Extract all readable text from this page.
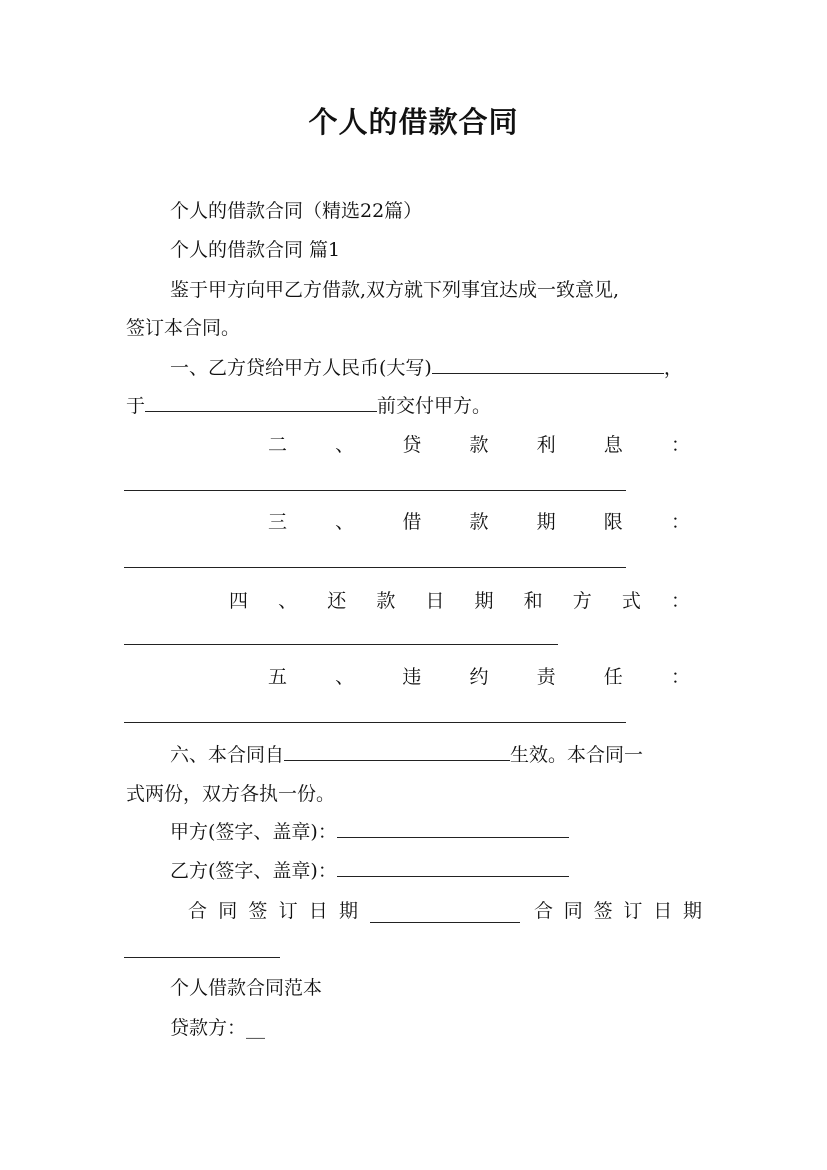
个人的借款合同
个人的借款合同（精选22篇）
个人的借款合同 篇1
鉴于甲方向甲乙方借款,双方就下列事宜达成一致意见,
签订本合同。
一、乙方贷给甲方人民币(大写)	，
于	前交付甲方。
二	、	贷	款	利	息	：
三	、	借	款	期	限	：
四 、 还 款 日 期 和 方 式 ：
五	、	违	约	责	任	：
六、本合同自	生效。本合同一
式两份，双方各执一份。
甲方(签字、盖章)：
乙方(签字、盖章)：
合 同 签 订 日 期	合 同 签 订 日 期
个人借款合同范本
贷款方：__
